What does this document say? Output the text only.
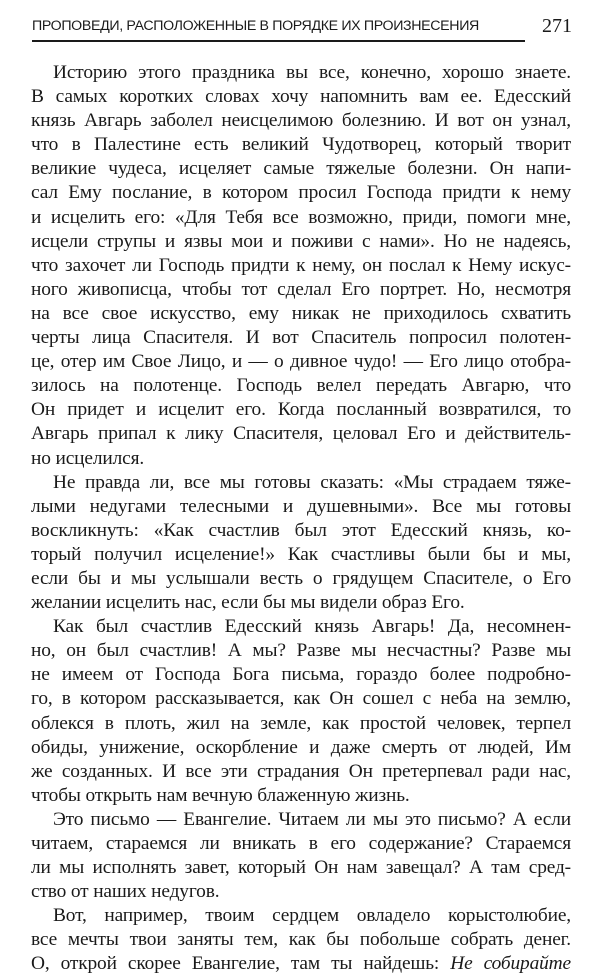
ПРОПОВЕДИ, РАСПОЛОЖЕННЫЕ В ПОРЯДКЕ ИХ ПРОИЗНЕСЕНИЯ	271
Историю этого праздника вы все, конечно, хорошо знаете.
В самых коротких словах хочу напомнить вам ее. Едесский
князь Авгарь заболел неисцелимою болезнию. И вот он узнал,
что в Палестине есть великий Чудотворец, который творит
великие чудеса, исцеляет самые тяжелые болезни. Он напи-
сал Ему послание, в котором просил Господа придти к нему
и исцелить его: «Для Тебя все возможно, приди, помоги мне,
исцели струпы и язвы мои и поживи с нами». Но не надеясь,
что захочет ли Господь придти к нему, он послал к Нему искус-
ного живописца, чтобы тот сделал Его портрет. Но, несмотря
на все свое искусство, ему никак не приходилось схватить
черты лица Спасителя. И вот Спаситель попросил полотен-
це, отер им Свое Лицо, и — о дивное чудо! — Его лицо отобра-
зилось на полотенце. Господь велел передать Авгарю, что
Он придет и исцелит его. Когда посланный возвратился, то
Авгарь припал к лику Спасителя, целовал Его и действитель-
но исцелился.
Не правда ли, все мы готовы сказать: «Мы страдаем тяже-
лыми недугами телесными и душевными». Все мы готовы
воскликнуть: «Как счастлив был этот Едесский князь, ко-
торый получил исцеление!» Как счастливы были бы и мы,
если бы и мы услышали весть о грядущем Спасителе, о Его
желании исцелить нас, если бы мы видели образ Его.
Как был счастлив Едесский князь Авгарь! Да, несомнен-
но, он был счастлив! А мы? Разве мы несчастны? Разве мы
не имеем от Господа Бога письма, гораздо более подробно-
го, в котором рассказывается, как Он сошел с неба на землю,
облекся в плоть, жил на земле, как простой человек, терпел
обиды, унижение, оскорбление и даже смерть от людей, Им
же созданных. И все эти страдания Он претерпевал ради нас,
чтобы открыть нам вечную блаженную жизнь.
Это письмо — Евангелие. Читаем ли мы это письмо? А если
читаем, стараемся ли вникать в его содержание? Стараемся
ли мы исполнять завет, который Он нам завещал? А там сред-
ство от наших недугов.
Вот, например, твоим сердцем овладело корыстолюбие,
все мечты твои заняты тем, как бы побольше собрать денег.
О, открой скорее Евангелие, там ты найдешь: Не собирайте
